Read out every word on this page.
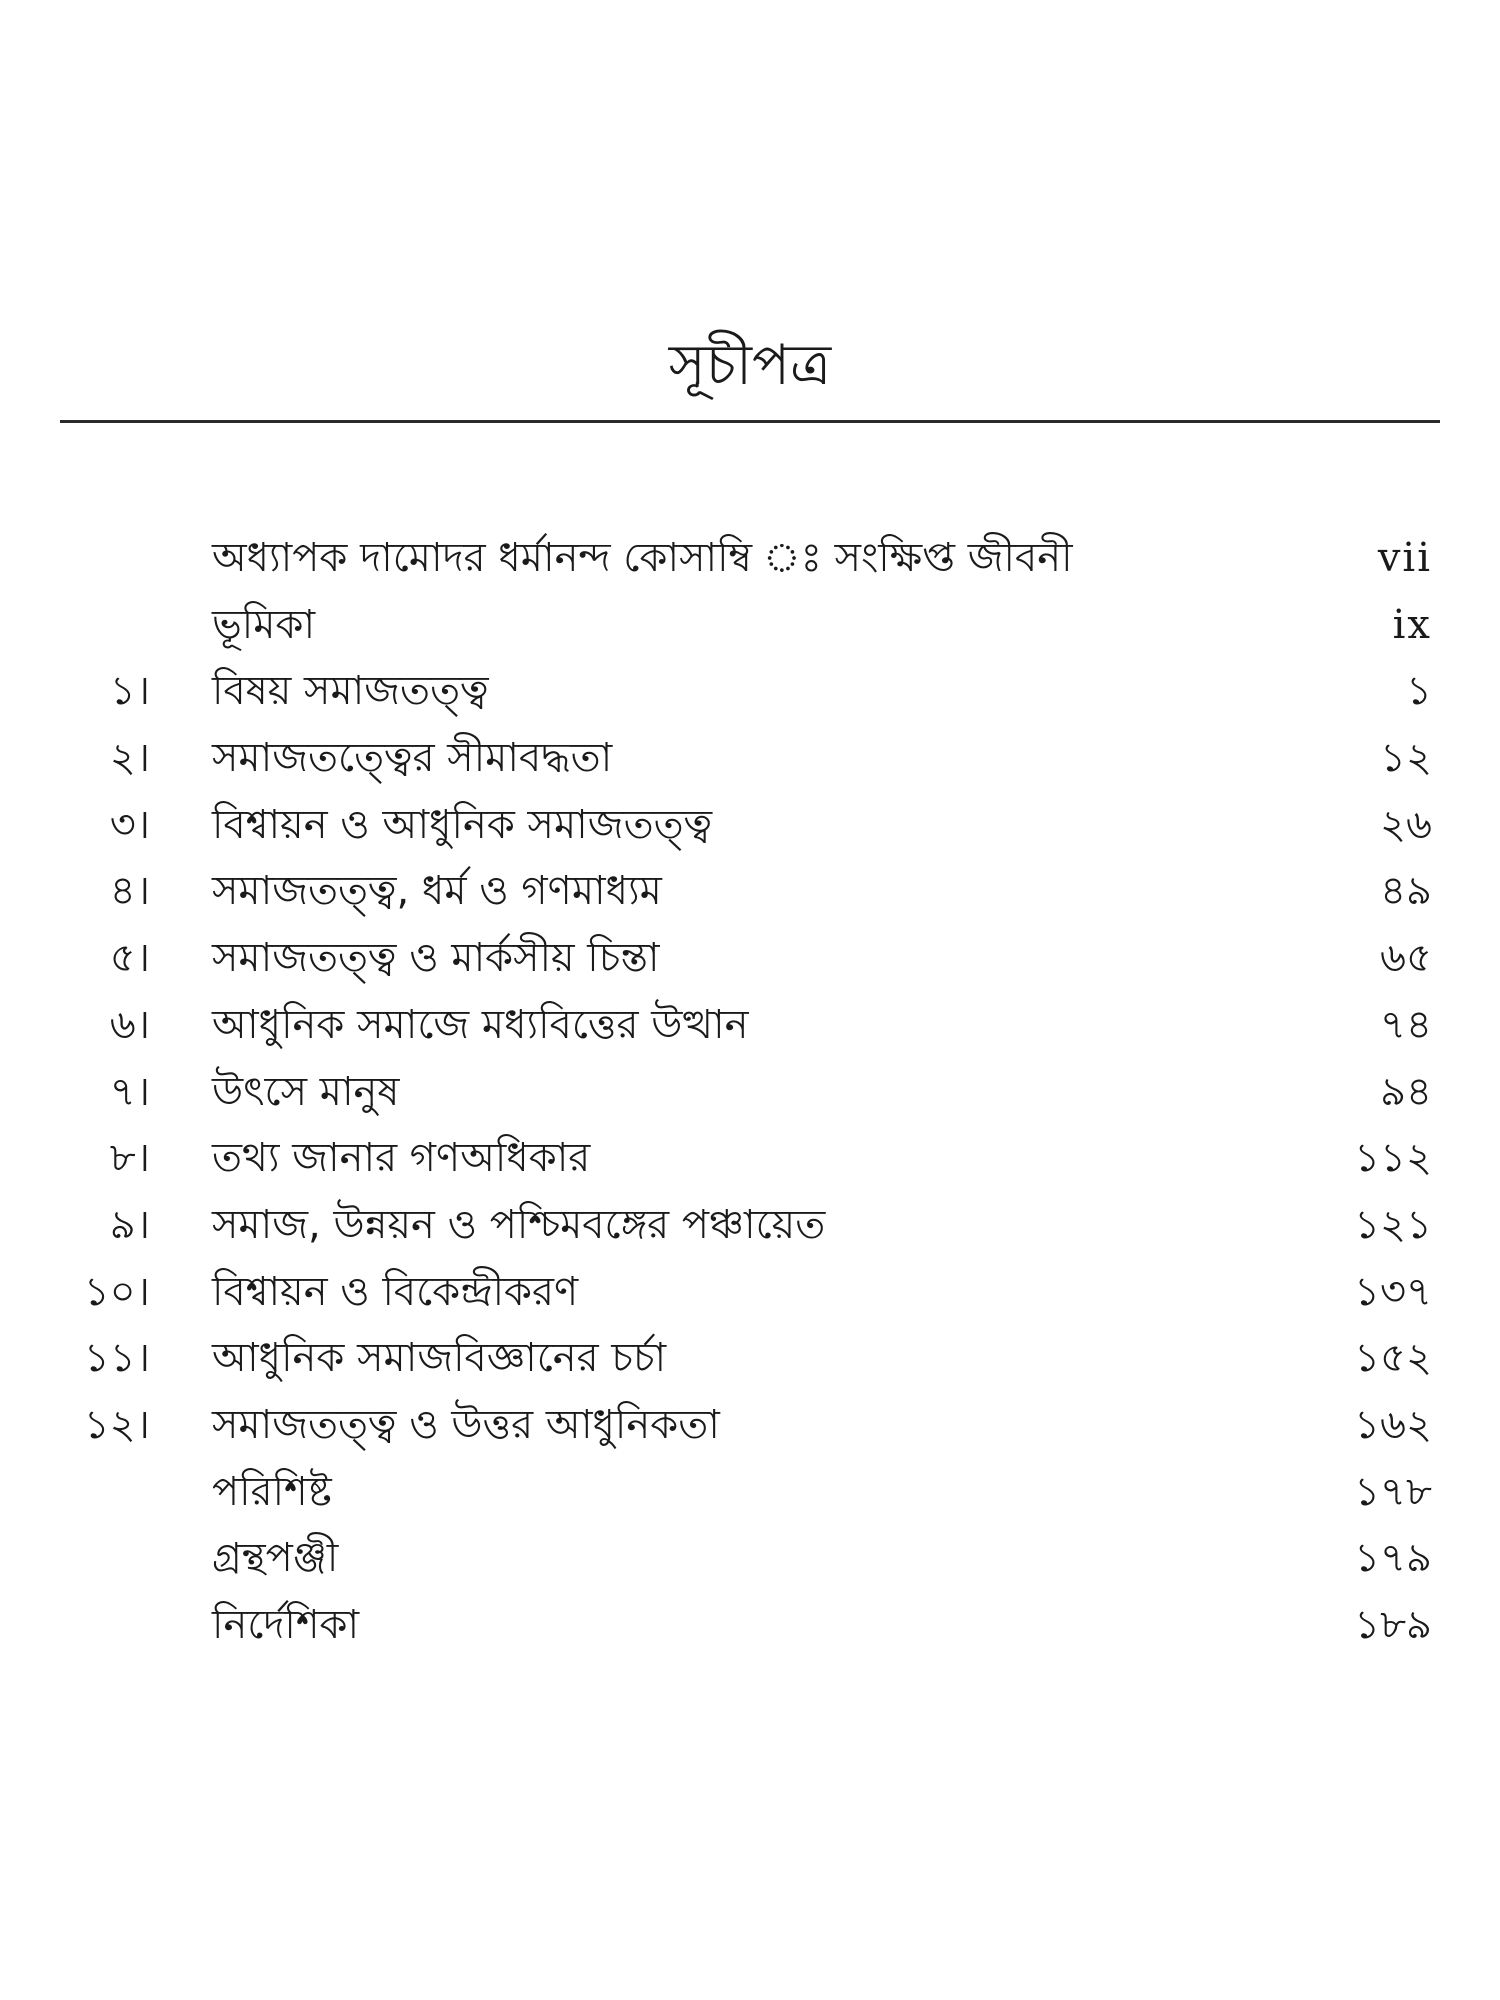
সূচীপত্র
অধ্যাপক দামোদর ধর্মানন্দ কোসাম্বি ঃ সংক্ষিপ্ত জীবনী	vii
ভূমিকা	ix
১। বিষয় সমাজতত্ত্ব	১
২। সমাজতত্ত্বের সীমাবদ্ধতা	১২
৩। বিশ্বায়ন ও আধুনিক সমাজতত্ত্ব	২৬
৪। সমাজতত্ত্ব, ধর্ম ও গণমাধ্যম	৪৯
৫। সমাজতত্ত্ব ও মার্কসীয় চিন্তা	৬৫
৬। আধুনিক সমাজে মধ্যবিত্তের উত্থান	৭৪
৭। উৎসে মানুষ	৯৪
৮। তথ্য জানার গণঅধিকার	১১২
৯। সমাজ, উন্নয়ন ও পশ্চিমবঙ্গের পঞ্চায়েত	১২১
১০। বিশ্বায়ন ও বিকেন্দ্রীকরণ	১৩৭
১১। আধুনিক সমাজবিজ্ঞানের চর্চা	১৫২
১২। সমাজতত্ত্ব ও উত্তর আধুনিকতা	১৬২
পরিশিষ্ট	১৭৮
গ্রন্থপঞ্জী	১৭৯
নির্দেশিকা	১৮৯
